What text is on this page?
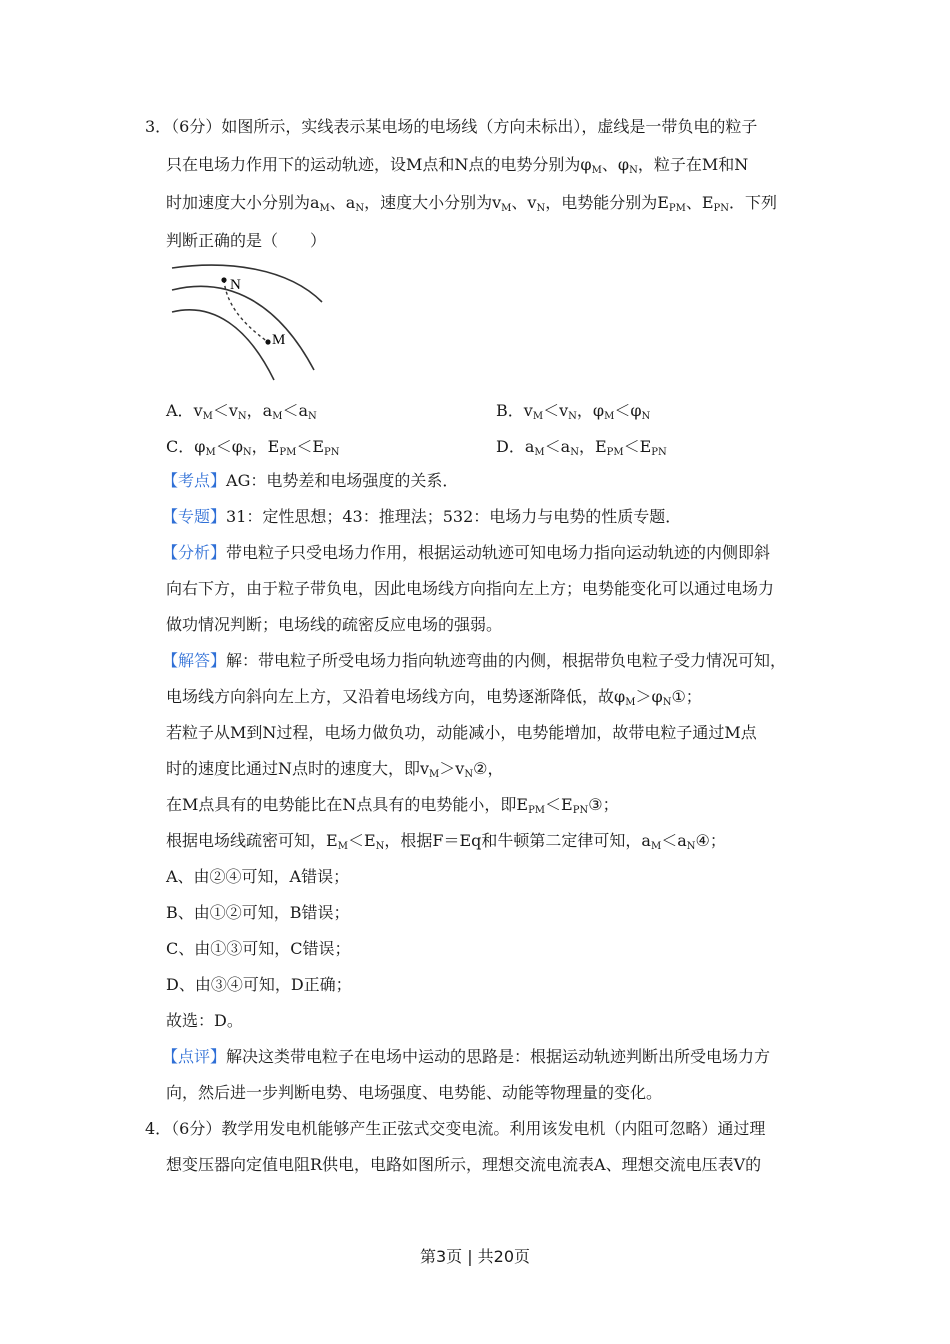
3．（6分）如图所示，实线表示某电场的电场线（方向未标出），虚线是一带负电的粒子
只在电场力作用下的运动轨迹，设M点和N点的电势分别为$\varphi_M$、$\varphi_N$，粒子在M和N
时加速度大小分别为$a_M$、$a_N$，速度大小分别为$v_M$、$v_N$，电势能分别为$E_{PM}$、$E_{PN}$．下列
判断正确的是（　　）
N
M
A．$v_M<v_N$，$a_M<a_N$	B．$v_M<v_N$，$\varphi_M<\varphi_N$
C．$\varphi_M<\varphi_N$，$E_{PM}<E_{PN}$	D．$a_M<a_N$，$E_{PM}<E_{PN}$
【考点】AG：电势差和电场强度的关系．
【专题】31：定性思想；43：推理法；532：电场力与电势的性质专题．
【分析】带电粒子只受电场力作用，根据运动轨迹可知电场力指向运动轨迹的内侧即斜
向右下方，由于粒子带负电，因此电场线方向指向左上方；电势能变化可以通过电场力
做功情况判断；电场线的疏密反应电场的强弱。
【解答】解：带电粒子所受电场力指向轨迹弯曲的内侧，根据带负电粒子受力情况可知，
电场线方向斜向左上方，又沿着电场线方向，电势逐渐降低，故$\varphi_M>\varphi_N①$；
若粒子从M到N过程，电场力做负功，动能减小，电势能增加，故带电粒子通过M点
时的速度比通过N点时的速度大，即$v_M>v_N②$，
在M点具有的电势能比在N点具有的电势能小，即$E_{PM}<E_{PN}③$；
根据电场线疏密可知，$E_M<E_N$，根据F＝Eq和牛顿第二定律可知，$a_M<a_N④$；
A、由②④可知，A错误；
B、由①②可知，B错误；
C、由①③可知，C错误；
D、由③④可知，D正确；
故选：D。
【点评】解决这类带电粒子在电场中运动的思路是：根据运动轨迹判断出所受电场力方
向，然后进一步判断电势、电场强度、电势能、动能等物理量的变化。
4．（6分）教学用发电机能够产生正弦式交变电流。利用该发电机（内阻可忽略）通过理
想变压器向定值电阻R供电，电路如图所示，理想交流电流表A、理想交流电压表V的
第3页 | 共20页
